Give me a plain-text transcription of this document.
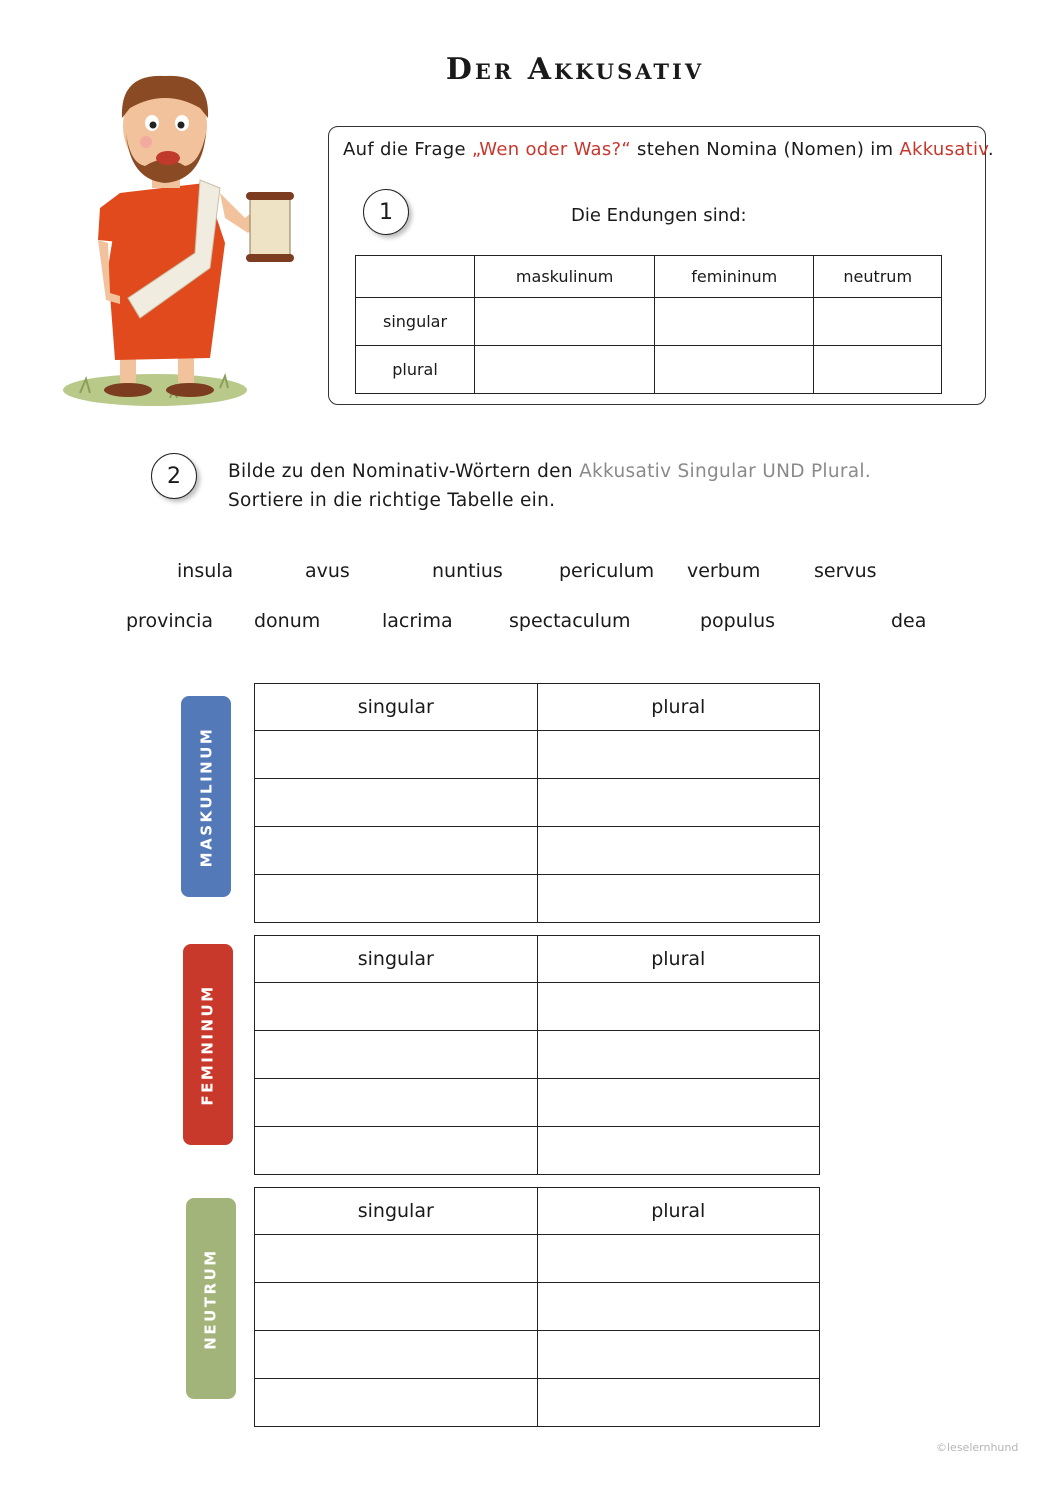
Der Akkusativ
Auf die Frage „Wen oder Was?“ stehen Nomina (Nomen) im Akkusativ.
1	Die Endungen sind:
	maskulinum	femininum	neutrum
singular			
plural			
2	Bilde zu den Nominativ-Wörtern den Akkusativ Singular UND Plural.
Sortiere in die richtige Tabelle ein.
insula	avus	nuntius	periculum verbum	servus
provincia donum	lacrima	spectaculum	populus	dea
MASKULINUM
FEMININUM
NEUTRUM
singular	plural

singular	plural

singular	plural

©leselernhund
